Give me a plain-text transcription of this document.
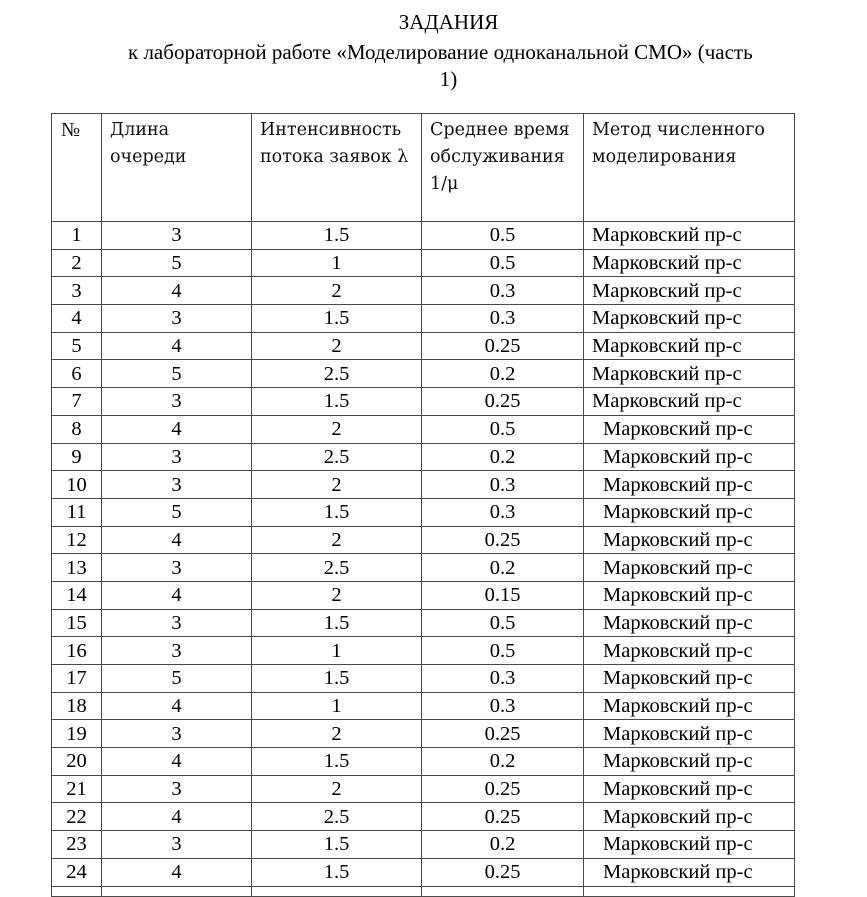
ЗАДАНИЯ
к лабораторной работе «Моделирование одноканальной СМО» (часть
1)
№	Длина очереди	Интенсивность потока заявок λ	Среднее время обслуживания 1/μ	Метод численного моделирования
1	3	1.5	0.5	Марковский пр-с
2	5	1	0.5	Марковский пр-с
3	4	2	0.3	Марковский пр-с
4	3	1.5	0.3	Марковский пр-с
5	4	2	0.25	Марковский пр-с
6	5	2.5	0.2	Марковский пр-с
7	3	1.5	0.25	Марковский пр-с
8	4	2	0.5	Марковский пр-с
9	3	2.5	0.2	Марковский пр-с
10	3	2	0.3	Марковский пр-с
11	5	1.5	0.3	Марковский пр-с
12	4	2	0.25	Марковский пр-с
13	3	2.5	0.2	Марковский пр-с
14	4	2	0.15	Марковский пр-с
15	3	1.5	0.5	Марковский пр-с
16	3	1	0.5	Марковский пр-с
17	5	1.5	0.3	Марковский пр-с
18	4	1	0.3	Марковский пр-с
19	3	2	0.25	Марковский пр-с
20	4	1.5	0.2	Марковский пр-с
21	3	2	0.25	Марковский пр-с
22	4	2.5	0.25	Марковский пр-с
23	3	1.5	0.2	Марковский пр-с
24	4	1.5	0.25	Марковский пр-с
